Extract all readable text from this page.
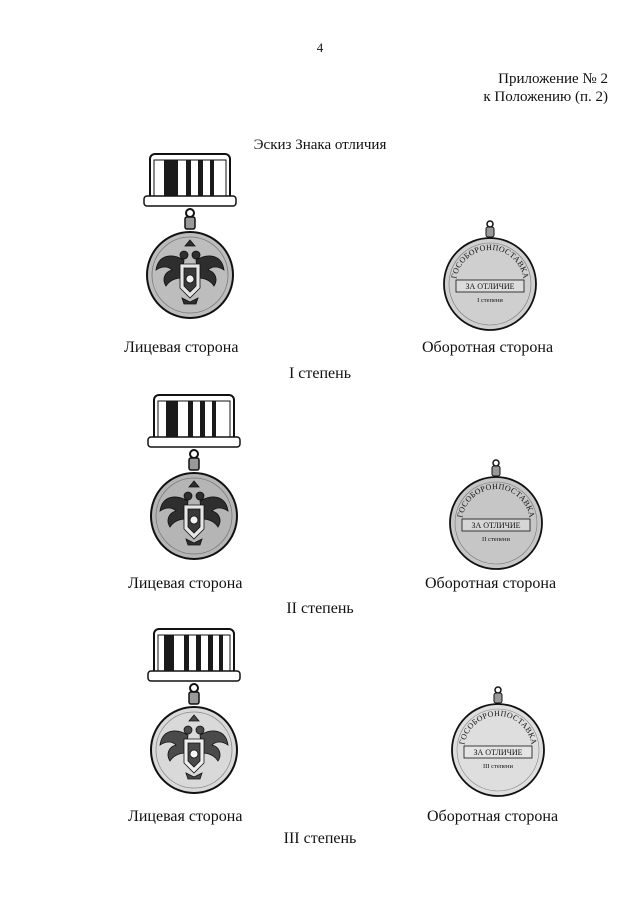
4
Приложение № 2
к Положению (п. 2)
Эскиз Знака отличия
Лицевая сторона
ГОСОБОРОНПОСТАВКА
ЗА ОТЛИЧИЕ
I степени
Оборотная сторона
I степень
Лицевая сторона
ГОСОБОРОНПОСТАВКА
ЗА ОТЛИЧИЕ
II степени
Оборотная сторона
II степень
Лицевая сторона
ГОСОБОРОНПОСТАВКА
ЗА ОТЛИЧИЕ
III степени
Оборотная сторона
III степень
